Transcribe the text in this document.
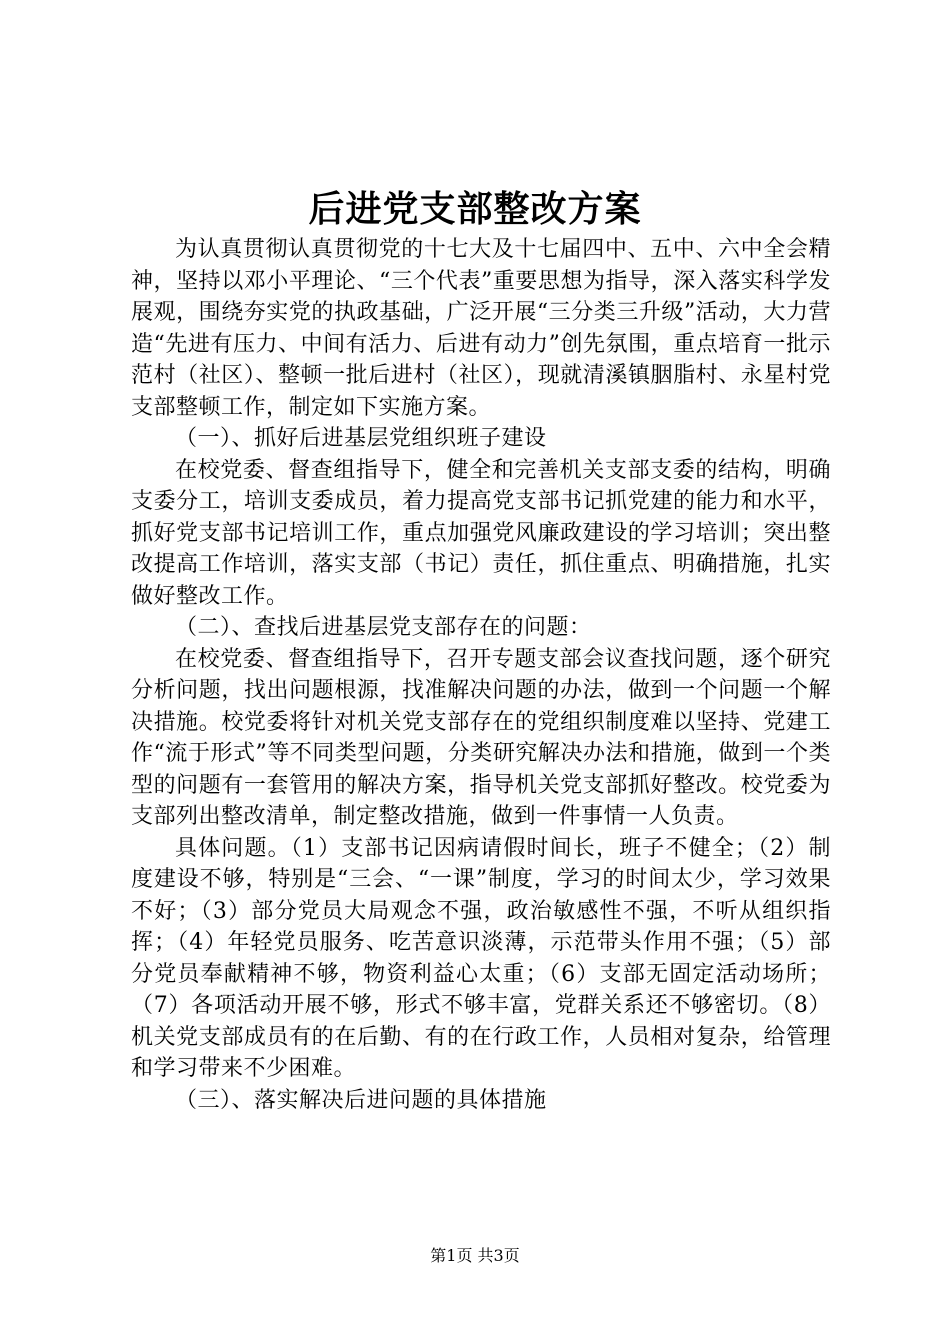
后进党支部整改方案

为认真贯彻认真贯彻党的十七大及十七届四中、五中、六中全会精神，坚持以邓小平理论、“三个代表”重要思想为指导，深入落实科学发展观，围绕夯实党的执政基础，广泛开展“三分类三升级”活动，大力营造“先进有压力、中间有活力、后进有动力”创先氛围，重点培育一批示范村（社区）、整顿一批后进村（社区），现就清溪镇胭脂村、永星村党支部整顿工作，制定如下实施方案。

（一）、抓好后进基层党组织班子建设

在校党委、督查组指导下，健全和完善机关支部支委的结构，明确支委分工，培训支委成员，着力提高党支部书记抓党建的能力和水平，抓好党支部书记培训工作，重点加强党风廉政建设的学习培训；突出整改提高工作培训，落实支部（书记）责任，抓住重点、明确措施，扎实做好整改工作。

（二）、查找后进基层党支部存在的问题：

在校党委、督查组指导下，召开专题支部会议查找问题，逐个研究分析问题，找出问题根源，找准解决问题的办法，做到一个问题一个解决措施。校党委将针对机关党支部存在的党组织制度难以坚持、党建工作“流于形式”等不同类型问题，分类研究解决办法和措施，做到一个类型的问题有一套管用的解决方案，指导机关党支部抓好整改。校党委为支部列出整改清单，制定整改措施，做到一件事情一人负责。

具体问题。（1）支部书记因病请假时间长，班子不健全；（2）制度建设不够，特别是“三会、“一课”制度，学习的时间太少，学习效果不好；（3）部分党员大局观念不强，政治敏感性不强，不听从组织指挥；（4）年轻党员服务、吃苦意识淡薄，示范带头作用不强；（5）部分党员奉献精神不够，物资利益心太重；（6）支部无固定活动场所；（7）各项活动开展不够，形式不够丰富，党群关系还不够密切。（8）机关党支部成员有的在后勤、有的在行政工作，人员相对复杂，给管理和学习带来不少困难。

（三）、落实解决后进问题的具体措施

第1页 共3页
